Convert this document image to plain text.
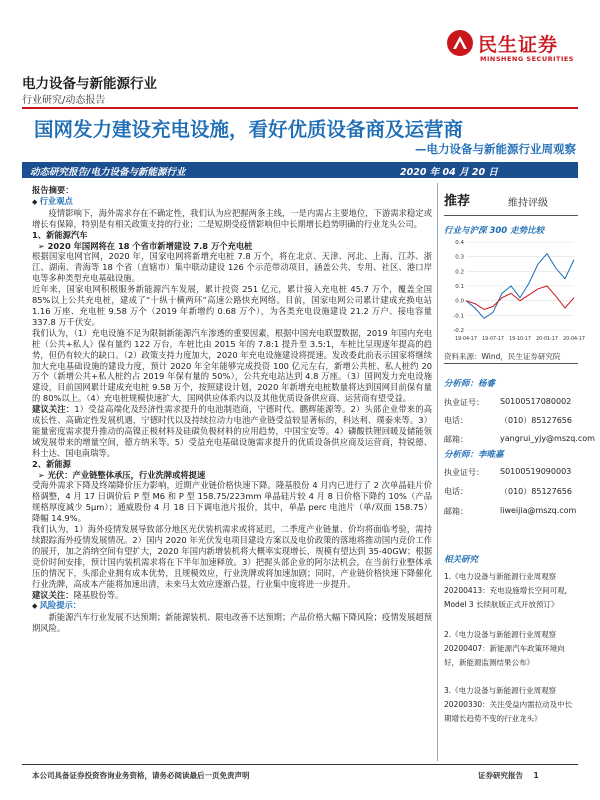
民生证券
MINSHENG SECURITIES
电力设备与新能源行业
行业研究/动态报告
国网发力建设充电设施，看好优质设备商及运营商
—电力设备与新能源行业周观察
动态研究报告/电力设备与新能源行业	2020 年 04 月 20 日

报告摘要：

◆ 行业观点

疫情影响下，海外需求存在不确定性，我们认为应把握两条主线，一是内需占主要地位，下游需求稳定或增长有保障，特别是有相关政策支持的行业；二是短期受疫情影响但中长期增长趋势明确的行业龙头公司。

1、新能源汽车

➢ 2020 年国网将在 18 个省市新增建设 7.8 万个充电桩

根据国家电网官网，2020 年，国家电网将新增充电桩 7.8 万个，将在北京、天津、河北、上海、江苏、浙江、湖南、青海等 18 个省（直辖市）集中联动建设 126 个示范带动项目，涵盖公共、专用、社区、港口岸电等多种类型充电基础设施。

近年来，国家电网积极服务新能源汽车发展，累计投资 251 亿元，累计接入充电桩 45.7 万个，覆盖全国 85%以上公共充电桩，建成了“十纵十横两环”高速公路快充网络。目前，国家电网公司累计建成充换电站 1.16 万座、充电桩 9.58 万个（2019 年新增约 0.68 万个），为各类充电设施建设 21.2 万户、接电容量 337.8 万千伏安。

我们认为，（1）充电设施不足为限制新能源汽车渗透的重要因素，根据中国充电联盟数据，2019 年国内充电桩（公共+私人）保有量约 122 万台，车桩比由 2015 年的 7.8:1 提升至 3.5:1，车桩比呈现逐年提高的趋势，但仍有较大的缺口。（2）政策支持力度加大，2020 年充电设施建设将提速。发改委此前表示国家将继续加大充电基础设施的建设力度，预计 2020 年全年能够完成投资 100 亿元左右，新增公共桩、私人桩约 20 万个（新增公共+私人桩约占 2019 年保有量的 50%），公共充电站达到 4.8 万座。（3）国网发力充电设施建设，目前国网累计建成充电桩 9.58 万个，按照建设计划，2020 年新增充电桩数量将达到国网目前保有量的 80%以上。（4）充电桩规模快速扩大，国网供应体系内以及其他优质设备供应商、运营商有望受益。

建议关注：1）受益高端化及经济性需求提升的电池制造商，宁德时代、鹏辉能源等。2）头部企业带来的高成长性、高确定性发展机遇，宁德时代以及持续拉动力电池产业链受益较显著标的，科达利、璞泰来等。3）能量密度需求提升推动的高镍正极材料及硅碳负极材料的应用趋势，中国宝安等。4）磷酸铁锂回暖及储能领域发展带来的增量空间，德方纳米等。5）受益充电基础设施需求提升的优质设备供应商及运营商，特锐德、科士达、国电南瑞等。

2、新能源

➢ 光伏：产业链整体承压，行业洗牌或将提速

受海外需求下降及终端降价压力影响，近期产业链价格快速下降。隆基股份 4 月内已进行了 2 次单晶硅片价格调整，4 月 17 日调价后 P 型 M6 和 P 型 158.75/223mm 单晶硅片较 4 月 8 日价格下降约 10%（产品规格厚度减少 5μm）；通威股份 4 月 18 日下调电池片报价，其中，单晶 perc 电池片（单/双面 158.75）降幅 14.9%。

我们认为，1）海外疫情发展导致部分地区光伏装机需求或将延迟，二季度产业链量、价均将面临考验，需持续跟踪海外疫情发展情况。2）国内 2020 年光伏发电项目建设方案以及电价政策的落地将推动国内竞价工作的展开，加之消纳空间有望扩大，2020 年国内新增装机将大概率实现增长，规模有望达到 35-40GW；根据竞价时间安排，预计国内装机需求将在下半年加速释放。3）把握头部企业的阿尔法机会，在当前行业整体承压的情况下，头部企业拥有成本优势，且规模效应，行业洗牌或将加速加剧；同时，产业链价格快速下降催化行业洗牌，高成本产能将加速出清，未来马太效应逐渐凸显，行业集中度将进一步提升。

建议关注：隆基股份等。

◆ 风险提示：

新能源汽车行业发展不达预期；新能源装机、限电改善不达预期；产品价格大幅下降风险；疫情发展超预期风险。

推荐	维持评级
行业与沪深 300 走势比较
0.4
0.3
0.2
0.1
0.0
-0.1
-0.2
19-04-17 19-07-17 19-10-17 20-01-17 20-04-17
资料来源：Wind，民生证券研究院
分析师：杨睿
执业证号： S0100517080002
电话：	（010）85127656
邮箱：	yangrui_yjy@mszq.com
分析师：李唯嘉
执业证号： S0100519090003
电话：	（010）85127656
邮箱：	liweijia@mszq.com
相关研究
1.《电力设备与新能源行业周观察 20200413：充电设施增长空间可观，Model 3 长续航版正式开放预订》
2.《电力设备与新能源行业周观察 20200407：新能源汽车政策环境向好，新能源监测结果公布》
3.《电力设备与新能源行业周观察 20200330：关注受益内需拉动及中长期增长趋势不变的行业龙头》
本公司具备证券投资咨询业务资格，请务必阅读最后一页免责声明	证券研究报告 1
